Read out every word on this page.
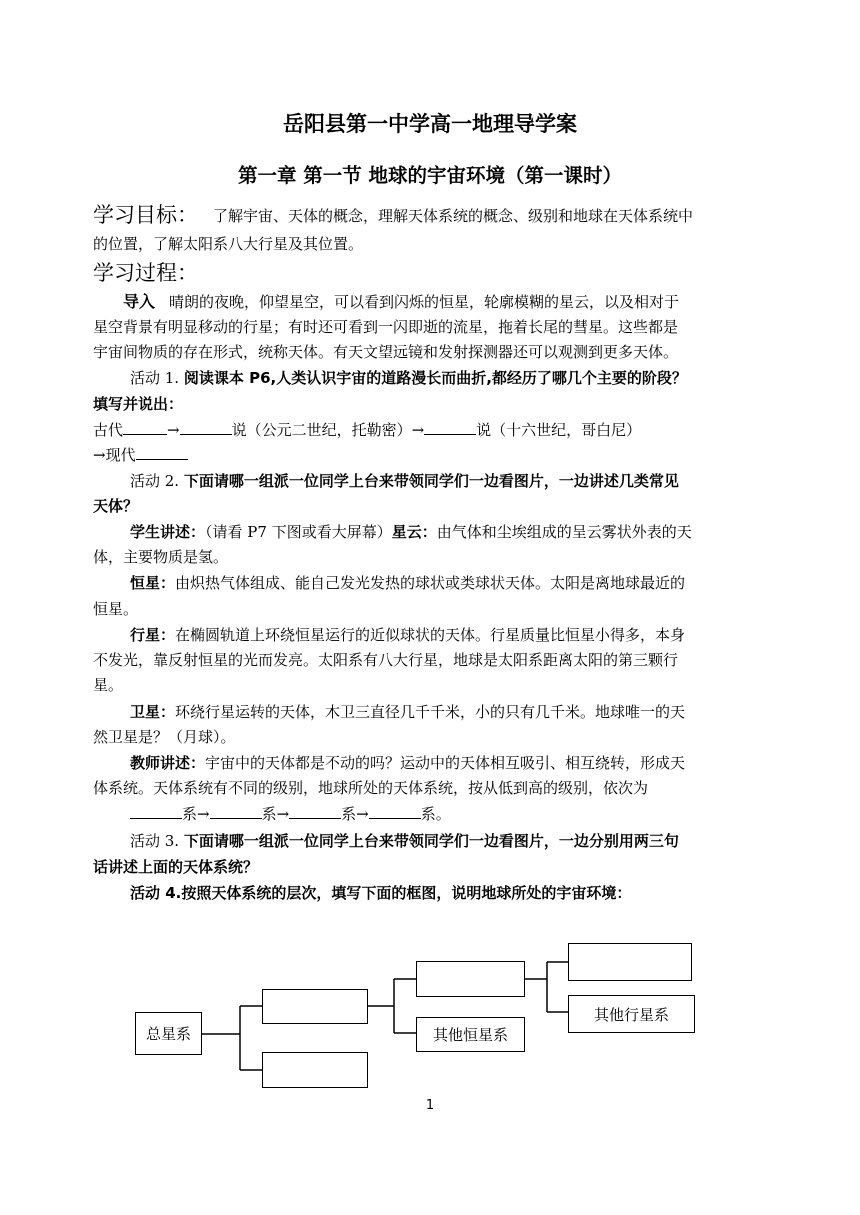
岳阳县第一中学高一地理导学案
第一章 第一节 地球的宇宙环境（第一课时）
学习目标： 了解宇宙、天体的概念，理解天体系统的概念、级别和地球在天体系统中
的位置，了解太阳系八大行星及其位置。
学习过程：
导入 晴朗的夜晚，仰望星空，可以看到闪烁的恒星，轮廓模糊的星云，以及相对于
星空背景有明显移动的行星；有时还可看到一闪即逝的流星，拖着长尾的彗星。这些都是
宇宙间物质的存在形式，统称天体。有天文望远镜和发射探测器还可以观测到更多天体。
活动 1. 阅读课本 P6,人类认识宇宙的道路漫长而曲折,都经历了哪几个主要的阶段？
填写并说出：
古代	→	说（公元二世纪，托勒密）→	说（十六世纪，哥白尼）
→现代
活动 2. 下面请哪一组派一位同学上台来带领同学们一边看图片，一边讲述几类常见
天体？
学生讲述：（请看 P7 下图或看大屏幕）星云：由气体和尘埃组成的呈云雾状外表的天
体，主要物质是氢。
恒星：由炽热气体组成、能自己发光发热的球状或类球状天体。太阳是离地球最近的
恒星。
行星：在椭圆轨道上环绕恒星运行的近似球状的天体。行星质量比恒星小得多，本身
不发光，靠反射恒星的光而发亮。太阳系有八大行星，地球是太阳系距离太阳的第三颗行
星。
卫星：环绕行星运转的天体，木卫三直径几千千米，小的只有几千米。地球唯一的天
然卫星是？（月球）。
教师讲述：宇宙中的天体都是不动的吗？运动中的天体相互吸引、相互绕转，形成天
体系统。天体系统有不同的级别，地球所处的天体系统，按从低到高的级别，依次为
系→	系→	系→	系。
活动 3. 下面请哪一组派一位同学上台来带领同学们一边看图片，一边分别用两三句
话讲述上面的天体系统？
活动 4.按照天体系统的层次，填写下面的框图，说明地球所处的宇宙环境：
总星系	其他恒星系
其他行星系
1
